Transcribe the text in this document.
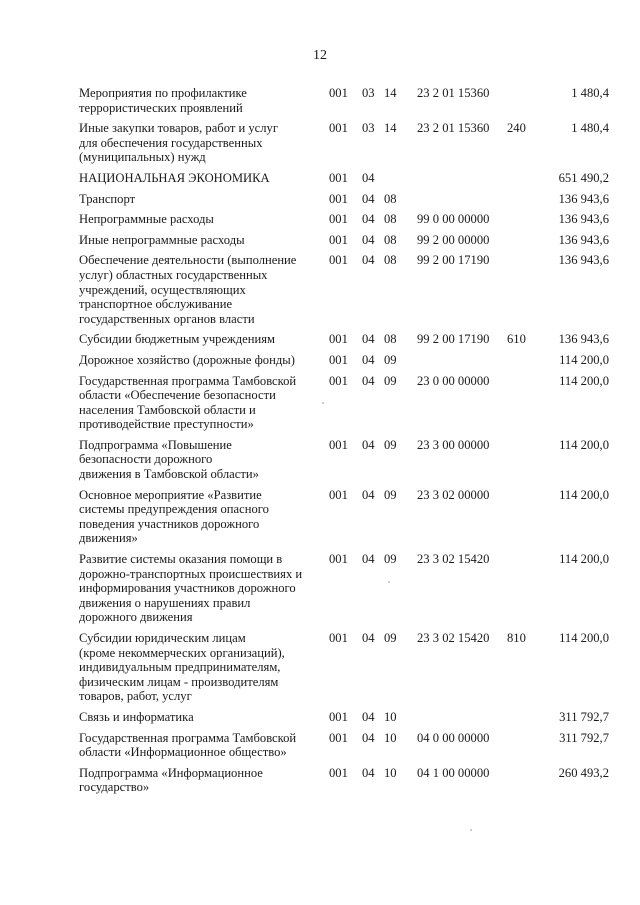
12
Мероприятия по профилактике
террористических проявлений	001	03	14	23 2 01 15360		1 480,4
Иные закупки товаров, работ и услуг
для обеспечения государственных
(муниципальных) нужд	001	03	14	23 2 01 15360	240	1 480,4
НАЦИОНАЛЬНАЯ ЭКОНОМИКА	001	04				651 490,2
Транспорт	001	04	08			136 943,6
Непрограммные расходы	001	04	08	99 0 00 00000		136 943,6
Иные непрограммные расходы	001	04	08	99 2 00 00000		136 943,6
Обеспечение деятельности (выполнение
услуг) областных государственных
учреждений, осуществляющих
транспортное обслуживание
государственных органов власти	001	04	08	99 2 00 17190		136 943,6
Субсидии бюджетным учреждениям	001	04	08	99 2 00 17190	610	136 943,6
Дорожное хозяйство (дорожные фонды)	001	04	09			114 200,0
Государственная программа Тамбовской
области «Обеспечение безопасности
населения Тамбовской области и
противодействие преступности»	001	04	09	23 0 00 00000		114 200,0
Подпрограмма «Повышение
безопасности дорожного
движения в Тамбовской области»	001	04	09	23 3 00 00000		114 200,0
Основное мероприятие «Развитие
системы предупреждения опасного
поведения участников дорожного
движения»	001	04	09	23 3 02 00000		114 200,0
Развитие системы оказания помощи в
дорожно-транспортных происшествиях и
информирования участников дорожного
движения о нарушениях правил
дорожного движения	001	04	09	23 3 02 15420		114 200,0
Субсидии юридическим лицам
(кроме некоммерческих организаций),
индивидуальным предпринимателям,
физическим лицам - производителям
товаров, работ, услуг	001	04	09	23 3 02 15420	810	114 200,0
Связь и информатика	001	04	10			311 792,7
Государственная программа Тамбовской
области «Информационное общество»	001	04	10	04 0 00 00000		311 792,7
Подпрограмма «Информационное
государство»	001	04	10	04 1 00 00000		260 493,2
